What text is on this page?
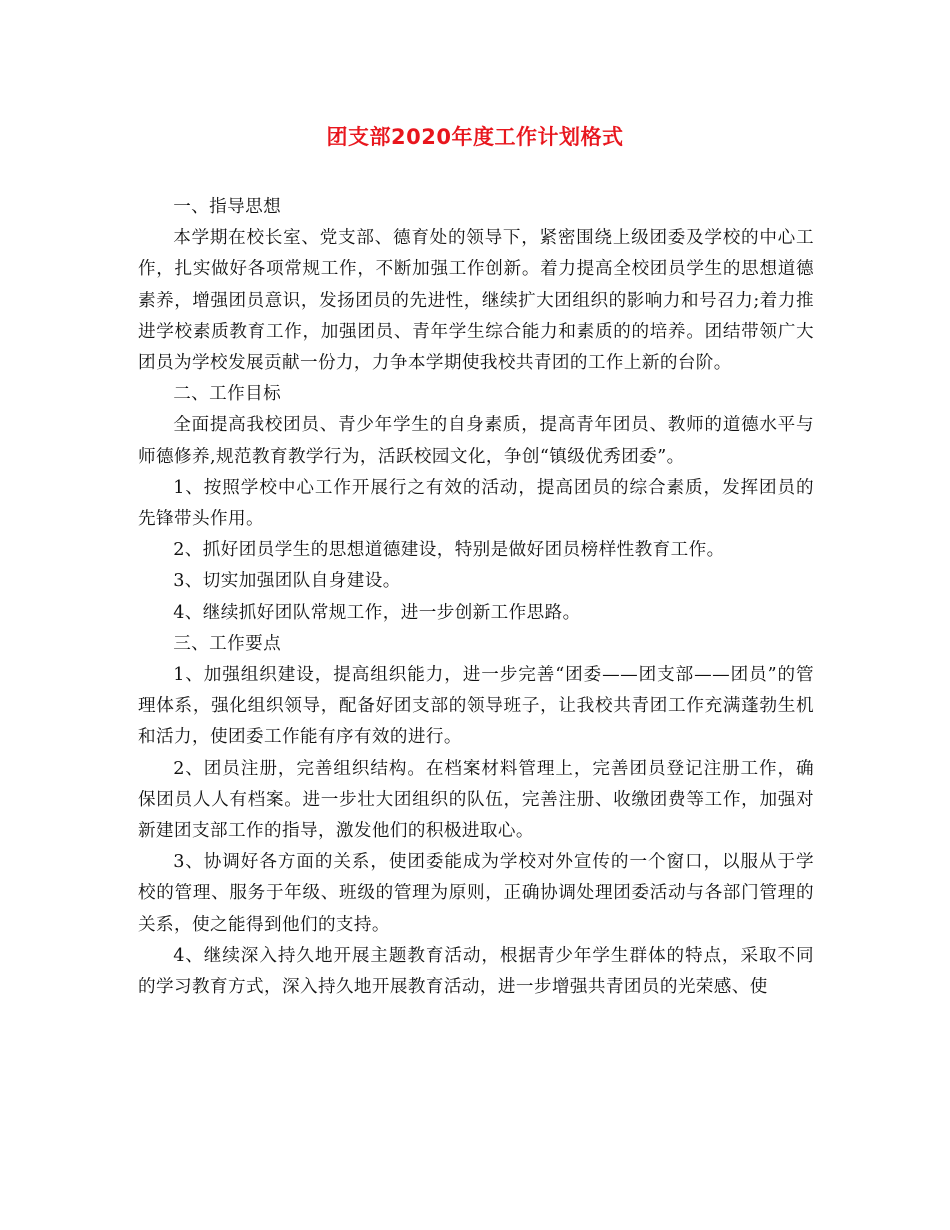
团支部2020年度工作计划格式

一、指导思想

本学期在校长室、党支部、德育处的领导下，紧密围绕上级团委及学校的中心工作，扎实做好各项常规工作，不断加强工作创新。着力提高全校团员学生的思想道德素养，增强团员意识，发扬团员的先进性，继续扩大团组织的影响力和号召力;着力推进学校素质教育工作，加强团员、青年学生综合能力和素质的的培养。团结带领广大团员为学校发展贡献一份力，力争本学期使我校共青团的工作上新的台阶。

二、工作目标

全面提高我校团员、青少年学生的自身素质，提高青年团员、教师的道德水平与师德修养,规范教育教学行为，活跃校园文化，争创“镇级优秀团委”。

1、按照学校中心工作开展行之有效的活动，提高团员的综合素质，发挥团员的先锋带头作用。

2、抓好团员学生的思想道德建设，特别是做好团员榜样性教育工作。

3、切实加强团队自身建设。

4、继续抓好团队常规工作，进一步创新工作思路。

三、工作要点

1、加强组织建设，提高组织能力，进一步完善“团委——团支部——团员”的管理体系，强化组织领导，配备好团支部的领导班子，让我校共青团工作充满蓬勃生机和活力，使团委工作能有序有效的进行。

2、团员注册，完善组织结构。在档案材料管理上，完善团员登记注册工作，确保团员人人有档案。进一步壮大团组织的队伍，完善注册、收缴团费等工作，加强对新建团支部工作的指导，激发他们的积极进取心。

3、协调好各方面的关系，使团委能成为学校对外宣传的一个窗口，以服从于学校的管理、服务于年级、班级的管理为原则，正确协调处理团委活动与各部门管理的关系，使之能得到他们的支持。

4、继续深入持久地开展主题教育活动，根据青少年学生群体的特点，采取不同的学习教育方式，深入持久地开展教育活动，进一步增强共青团员的光荣感、使
